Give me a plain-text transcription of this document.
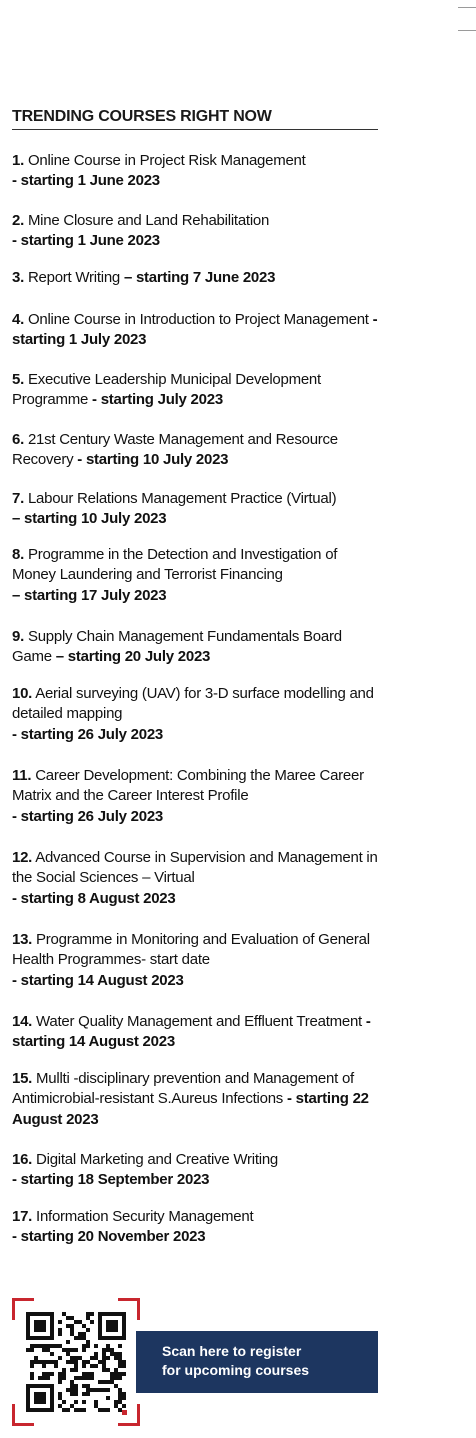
TRENDING COURSES RIGHT NOW
1. Online Course in Project Risk Management
- starting 1 June 2023
2. Mine Closure and Land Rehabilitation
- starting 1 June 2023
3. Report Writing – starting 7 June 2023
4. Online Course in Introduction to Project Management - starting 1 July 2023
5. Executive Leadership Municipal Development Programme - starting July 2023
6. 21st Century Waste Management and Resource Recovery - starting 10 July 2023
7. Labour Relations Management Practice (Virtual)
– starting 10 July 2023
8. Programme in the Detection and Investigation of Money Laundering and Terrorist Financing
– starting 17 July 2023
9. Supply Chain Management Fundamentals Board Game – starting 20 July 2023
10. Aerial surveying (UAV) for 3-D surface modelling and detailed mapping
- starting 26 July 2023
11. Career Development: Combining the Maree Career Matrix and the Career Interest Profile
- starting 26 July 2023
12. Advanced Course in Supervision and Management in the Social Sciences – Virtual
- starting 8 August 2023
13. Programme in Monitoring and Evaluation of General Health Programmes- start date
- starting 14 August 2023
14. Water Quality Management and Effluent Treatment - starting 14 August 2023
15. Mullti -disciplinary prevention and Management of Antimicrobial-resistant S.Aureus Infections - starting 22 August 2023
16. Digital Marketing and Creative Writing
- starting 18 September 2023
17. Information Security Management
- starting 20 November 2023
Scan here to register
for upcoming courses
